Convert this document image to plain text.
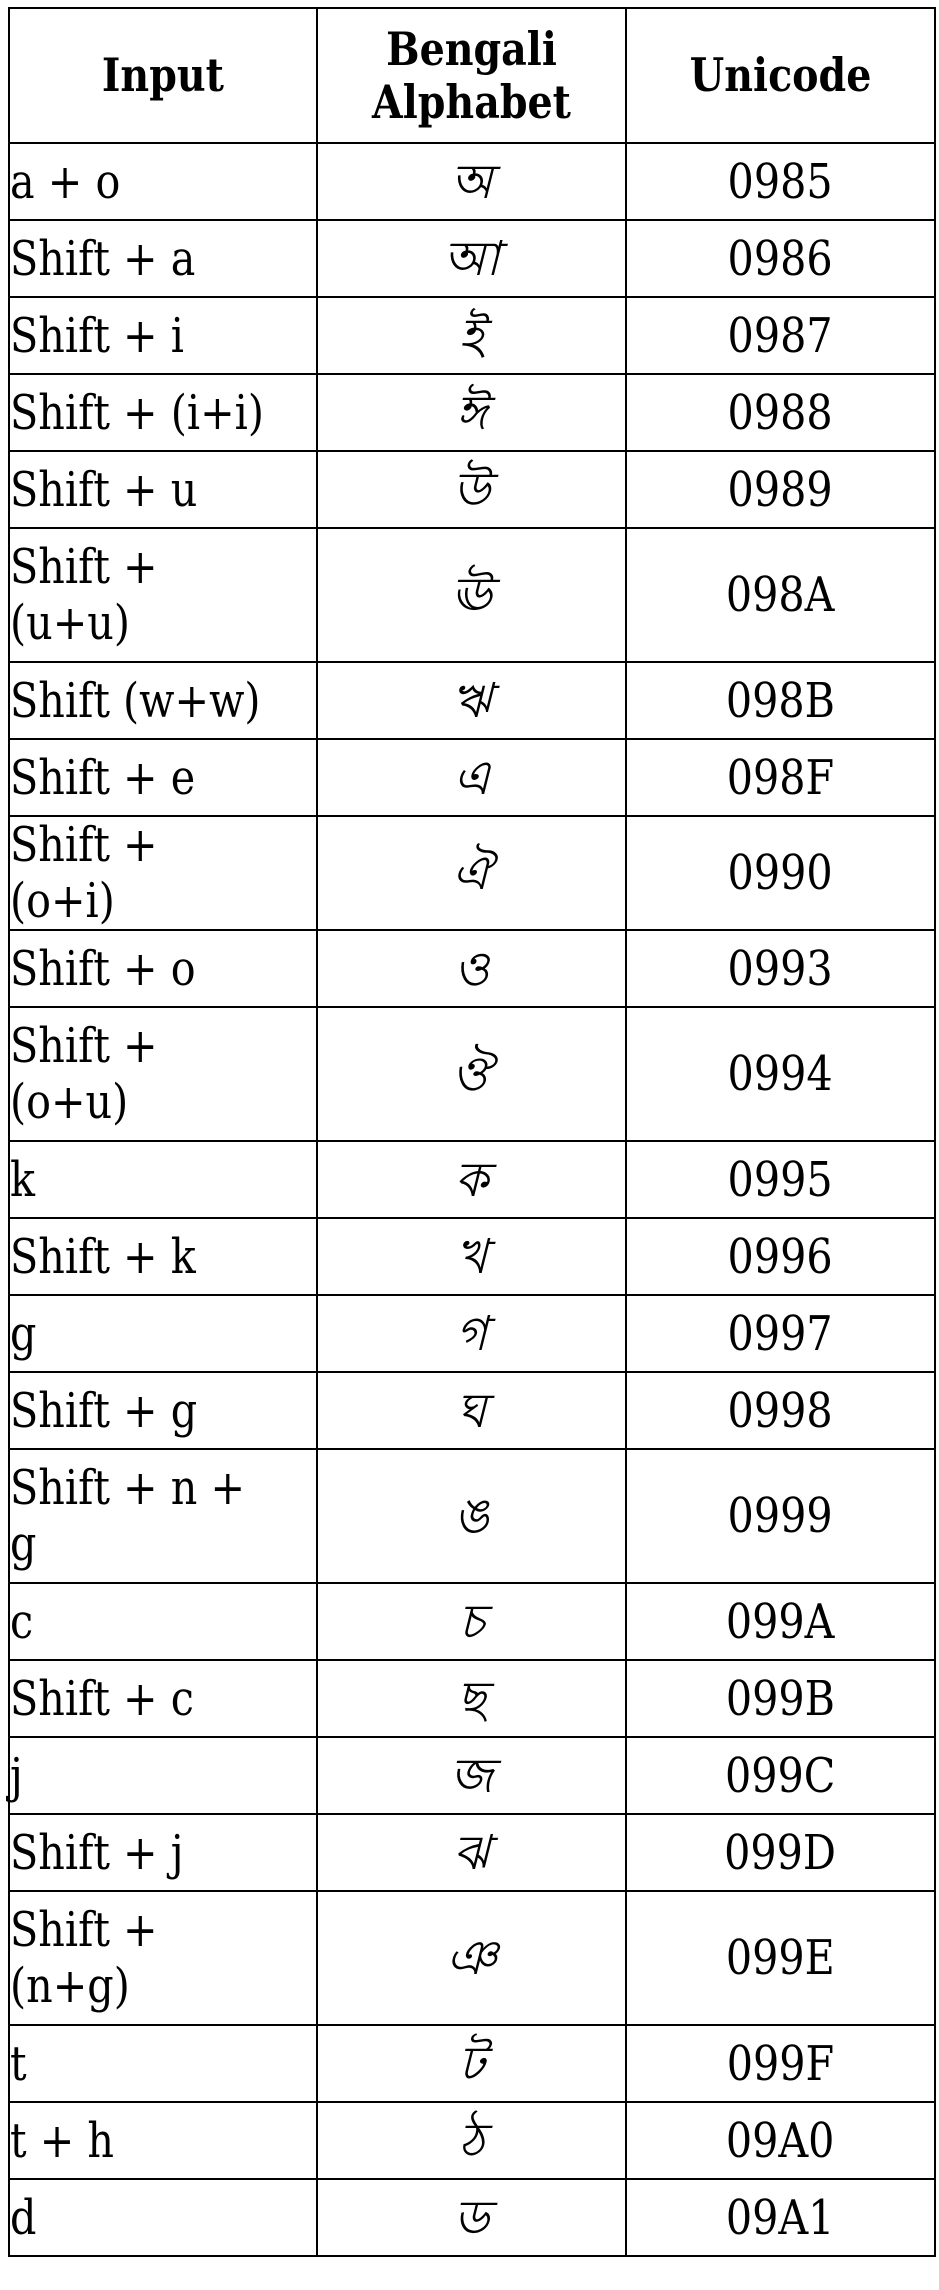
Input	Bengali Alphabet	Unicode
a + o	অ	0985
Shift + a	আ	0986
Shift + i	ই	0987
Shift + (i+i)	ঈ	0988
Shift + u	উ	0989
Shift + (u+u)	ঊ	098A
Shift (w+w)	ঋ	098B
Shift + e	এ	098F
Shift + (o+i)	ঐ	0990
Shift + o	ও	0993
Shift + (o+u)	ঔ	0994
k	ক	0995
Shift + k	খ	0996
g	গ	0997
Shift + g	ঘ	0998
Shift + n + g	ঙ	0999
c	চ	099A
Shift + c	ছ	099B
j	জ	099C
Shift + j	ঝ	099D
Shift + (n+g)	ঞ	099E
t	ট	099F
t + h	ঠ	09A0
d	ড	09A1
